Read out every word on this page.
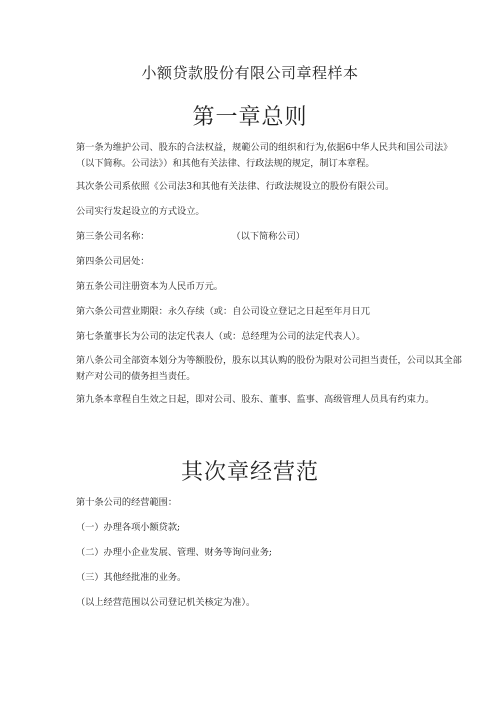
小额贷款股份有限公司章程样本
第一章总则
第一条为维护公司、股东的合法权益，规範公司的组织和行为,依据6中华人民共和国公司法》（以下简称。公司法》）和其他有关法律、行政法规的规定，制订本章程。
其次条公司系依照《公司法3和其他有关法律、行政法规设立的股份有限公司。
公司实行发起设立的方式设立。
第三条公司名称：	（以下简称公司）
第四条公司居处：
第五条公司注册资本为人民币万元。
第六条公司营业期限：永久存续（或：自公司设立登记之日起至年月日兀
第七条董事长为公司的法定代表人（或：总经理为公司的法定代表人）。
第八条公司全部资本划分为等额股份，股东以其认购的股份为限对公司担当责任，公司以其全部财产对公司的债务担当责任。
第九条本章程自生效之日起，即对公司、股东、董事、监事、高级管理人员具有约束力。
其次章经营范
第十条公司的经营範围：
（一）办理各项小额贷款;
（二）办理小企业发展、管理、财务等询问业务;
（三）其他经批准的业务。
（以上经营范围以公司登记机关核定为准）。
